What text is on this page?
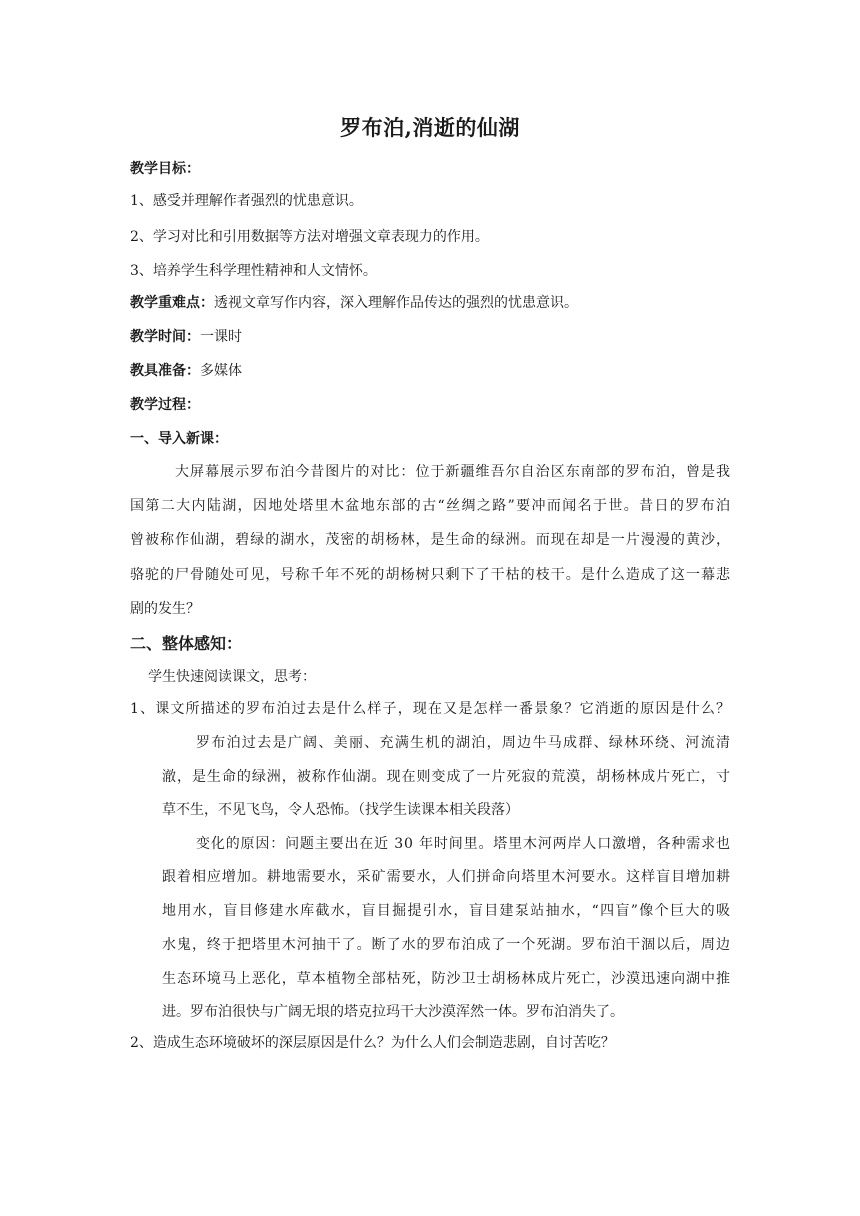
罗布泊,消逝的仙湖
教学目标：
1、感受并理解作者强烈的忧患意识。
2、学习对比和引用数据等方法对增强文章表现力的作用。
3、培养学生科学理性精神和人文情怀。
教学重难点：透视文章写作内容，深入理解作品传达的强烈的忧患意识。
教学时间：一课时
教具准备：多媒体
教学过程：
一、导入新课：
大屏幕展示罗布泊今昔图片的对比：位于新疆维吾尔自治区东南部的罗布泊，曾是我
国第二大内陆湖，因地处塔里木盆地东部的古“丝绸之路”要冲而闻名于世。昔日的罗布泊
曾被称作仙湖，碧绿的湖水，茂密的胡杨林，是生命的绿洲。而现在却是一片漫漫的黄沙，
骆驼的尸骨随处可见，号称千年不死的胡杨树只剩下了干枯的枝干。是什么造成了这一幕悲
剧的发生？
二、整体感知：
学生快速阅读课文，思考：
1、课文所描述的罗布泊过去是什么样子，现在又是怎样一番景象？它消逝的原因是什么？
罗布泊过去是广阔、美丽、充满生机的湖泊，周边牛马成群、绿林环绕、河流清
澈，是生命的绿洲，被称作仙湖。现在则变成了一片死寂的荒漠，胡杨林成片死亡，寸
草不生，不见飞鸟，令人恐怖。（找学生读课本相关段落）
变化的原因：问题主要出在近 30 年时间里。塔里木河两岸人口激增，各种需求也
跟着相应增加。耕地需要水，采矿需要水，人们拼命向塔里木河要水。这样盲目增加耕
地用水，盲目修建水库截水，盲目掘提引水，盲目建泵站抽水，“四盲”像个巨大的吸
水鬼，终于把塔里木河抽干了。断了水的罗布泊成了一个死湖。罗布泊干涸以后，周边
生态环境马上恶化，草本植物全部枯死，防沙卫士胡杨林成片死亡，沙漠迅速向湖中推
进。罗布泊很快与广阔无垠的塔克拉玛干大沙漠浑然一体。罗布泊消失了。
2、造成生态环境破坏的深层原因是什么？为什么人们会制造悲剧，自讨苦吃？
